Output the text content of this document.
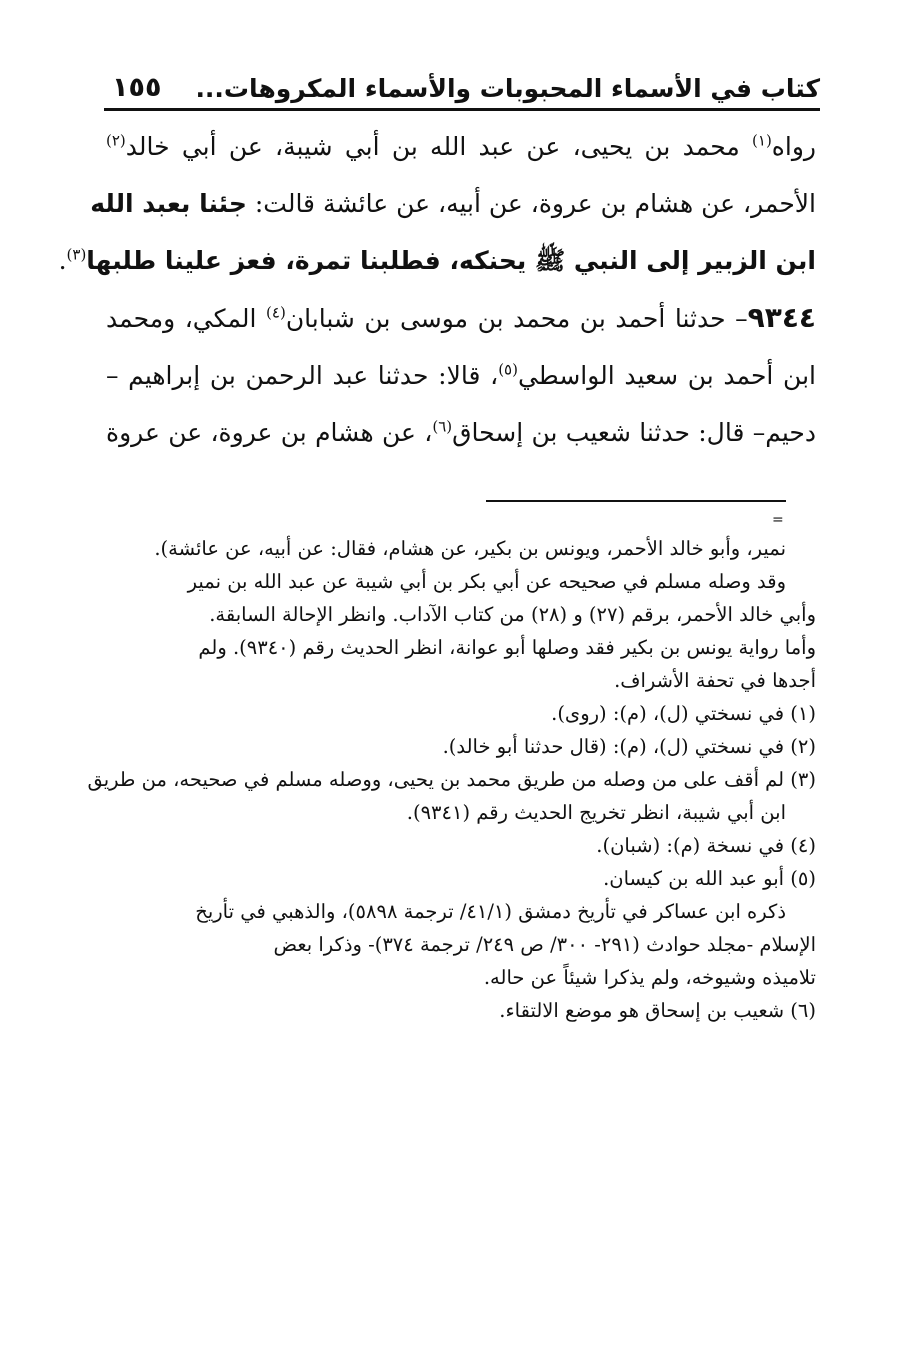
كتاب في الأسماء المحبوبات والأسماء المكروهات...
١٥٥
رواه$^{(١)}$ محمد بن يحيى، عن عبد الله بن أبي شيبة، عن أبي خالد$^{(٢)}$
الأحمر، عن هشام بن عروة، عن أبيه، عن عائشة قالت: جئنا بعبد الله
ابن الزبير إلى النبي ﷺ يحنكه، فطلبنا تمرة، فعز علينا طلبها$^{(٣)}$.
٩٣٤٤– حدثنا أحمد بن محمد بن موسى بن شبابان$^{(٤)}$ المكي، ومحمد
ابن أحمد بن سعيد الواسطي$^{(٥)}$، قالا: حدثنا عبد الرحمن بن إبراهيم –
دحيم– قال: حدثنا شعيب بن إسحاق$^{(٦)}$، عن هشام بن عروة، عن عروة
=
نمير، وأبو خالد الأحمر، ويونس بن بكير، عن هشام، فقال: عن أبيه، عن عائشة).
وقد وصله مسلم في صحيحه عن أبي بكر بن أبي شيبة عن عبد الله بن نمير
وأبي خالد الأحمر، برقم (٢٧) و (٢٨) من كتاب الآداب. وانظر الإحالة السابقة.
وأما رواية يونس بن بكير فقد وصلها أبو عوانة، انظر الحديث رقم (٩٣٤٠). ولم
أجدها في تحفة الأشراف.
(١) في نسختي (ل)، (م): (روى).
(٢) في نسختي (ل)، (م): (قال حدثنا أبو خالد).
(٣) لم أقف على من وصله من طريق محمد بن يحيى، ووصله مسلم في صحيحه، من طريق
ابن أبي شيبة، انظر تخريج الحديث رقم (٩٣٤١).
(٤) في نسخة (م): (شبان).
(٥) أبو عبد الله بن كيسان.
ذكره ابن عساكر في تأريخ دمشق (٤١/١/ ترجمة ٥٨٩٨)، والذهبي في تأريخ
الإسلام -مجلد حوادث (٢٩١- ٣٠٠/ ص ٢٤٩/ ترجمة ٣٧٤)- وذكرا بعض
تلاميذه وشيوخه، ولم يذكرا شيئاً عن حاله.
(٦) شعيب بن إسحاق هو موضع الالتقاء.
